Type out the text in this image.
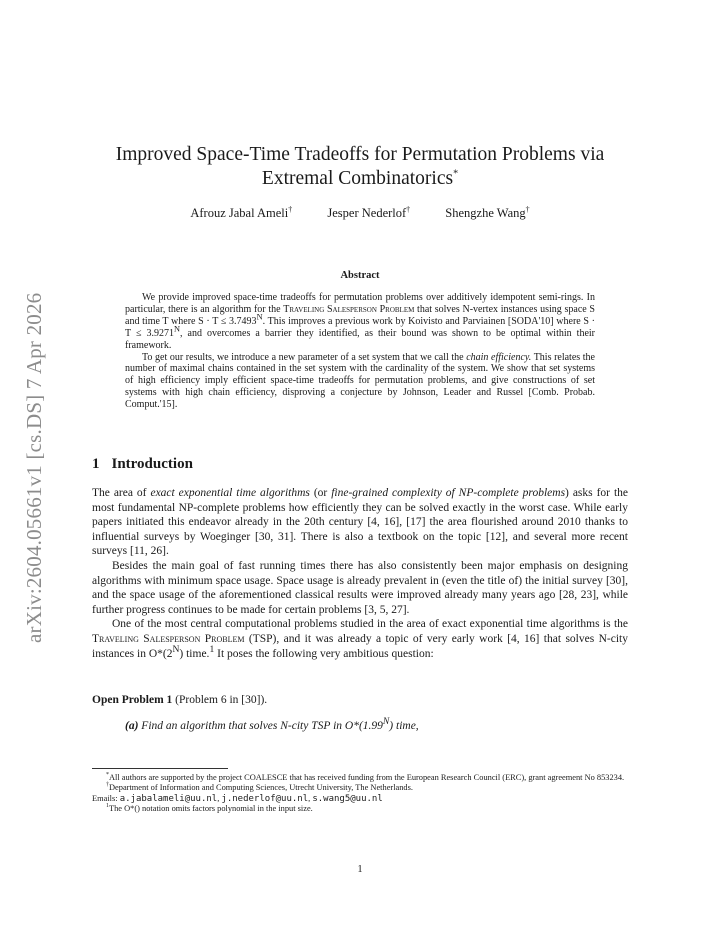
arXiv:2604.05661v1 [cs.DS] 7 Apr 2026
Improved Space-Time Tradeoffs for Permutation Problems via
Extremal Combinatorics*
Afrouz Jabal Ameli†	Jesper Nederlof†	Shengzhe Wang†
Abstract

We provide improved space-time tradeoffs for permutation problems over additively idempotent semi-rings. In particular, there is an algorithm for the Traveling Salesperson Problem that solves N-vertex instances using space S and time T where $S \cdot T \le 3.7493^N$. This improves a previous work by Koivisto and Parviainen [SODA'10] where $S \cdot T \le 3.9271^N$, and overcomes a barrier they identified, as their bound was shown to be optimal within their framework.

To get our results, we introduce a new parameter of a set system that we call the chain efficiency. This relates the number of maximal chains contained in the set system with the cardinality of the system. We show that set systems of high efficiency imply efficient space-time tradeoffs for permutation problems, and give constructions of set systems with high chain efficiency, disproving a conjecture by Johnson, Leader and Russel [Comb. Probab. Comput.'15].

1 Introduction

The area of exact exponential time algorithms (or fine-grained complexity of NP-complete problems) asks for the most fundamental NP-complete problems how efficiently they can be solved exactly in the worst case. While early papers initiated this endeavor already in the 20th century [4, 16], [17] the area flourished around 2010 thanks to influential surveys by Woeginger [30, 31]. There is also a textbook on the topic [12], and several more recent surveys [11, 26].

Besides the main goal of fast running times there has also consistently been major emphasis on designing algorithms with minimum space usage. Space usage is already prevalent in (even the title of) the initial survey [30], and the space usage of the aforementioned classical results were improved already many years ago [28, 23], while further progress continues to be made for certain problems [3, 5, 27].

One of the most central computational problems studied in the area of exact exponential time algorithms is the Traveling Salesperson Problem (TSP), and it was already a topic of very early work [4, 16] that solves N-city instances in $O*(2^N)$ time.$^1$ It poses the following very ambitious question:

Open Problem 1 (Problem 6 in [30]).
(a) Find an algorithm that solves N-city TSP in $O*(1.99^N)$ time,

*All authors are supported by the project COALESCE that has received funding from the European Research Council (ERC), grant agreement No 853234.

†Department of Information and Computing Sciences, Utrecht University, The Netherlands.

Emails: a.jabalameli@uu.nl, j.nederlof@uu.nl, s.wang5@uu.nl

$^1$The O*() notation omits factors polynomial in the input size.

1
